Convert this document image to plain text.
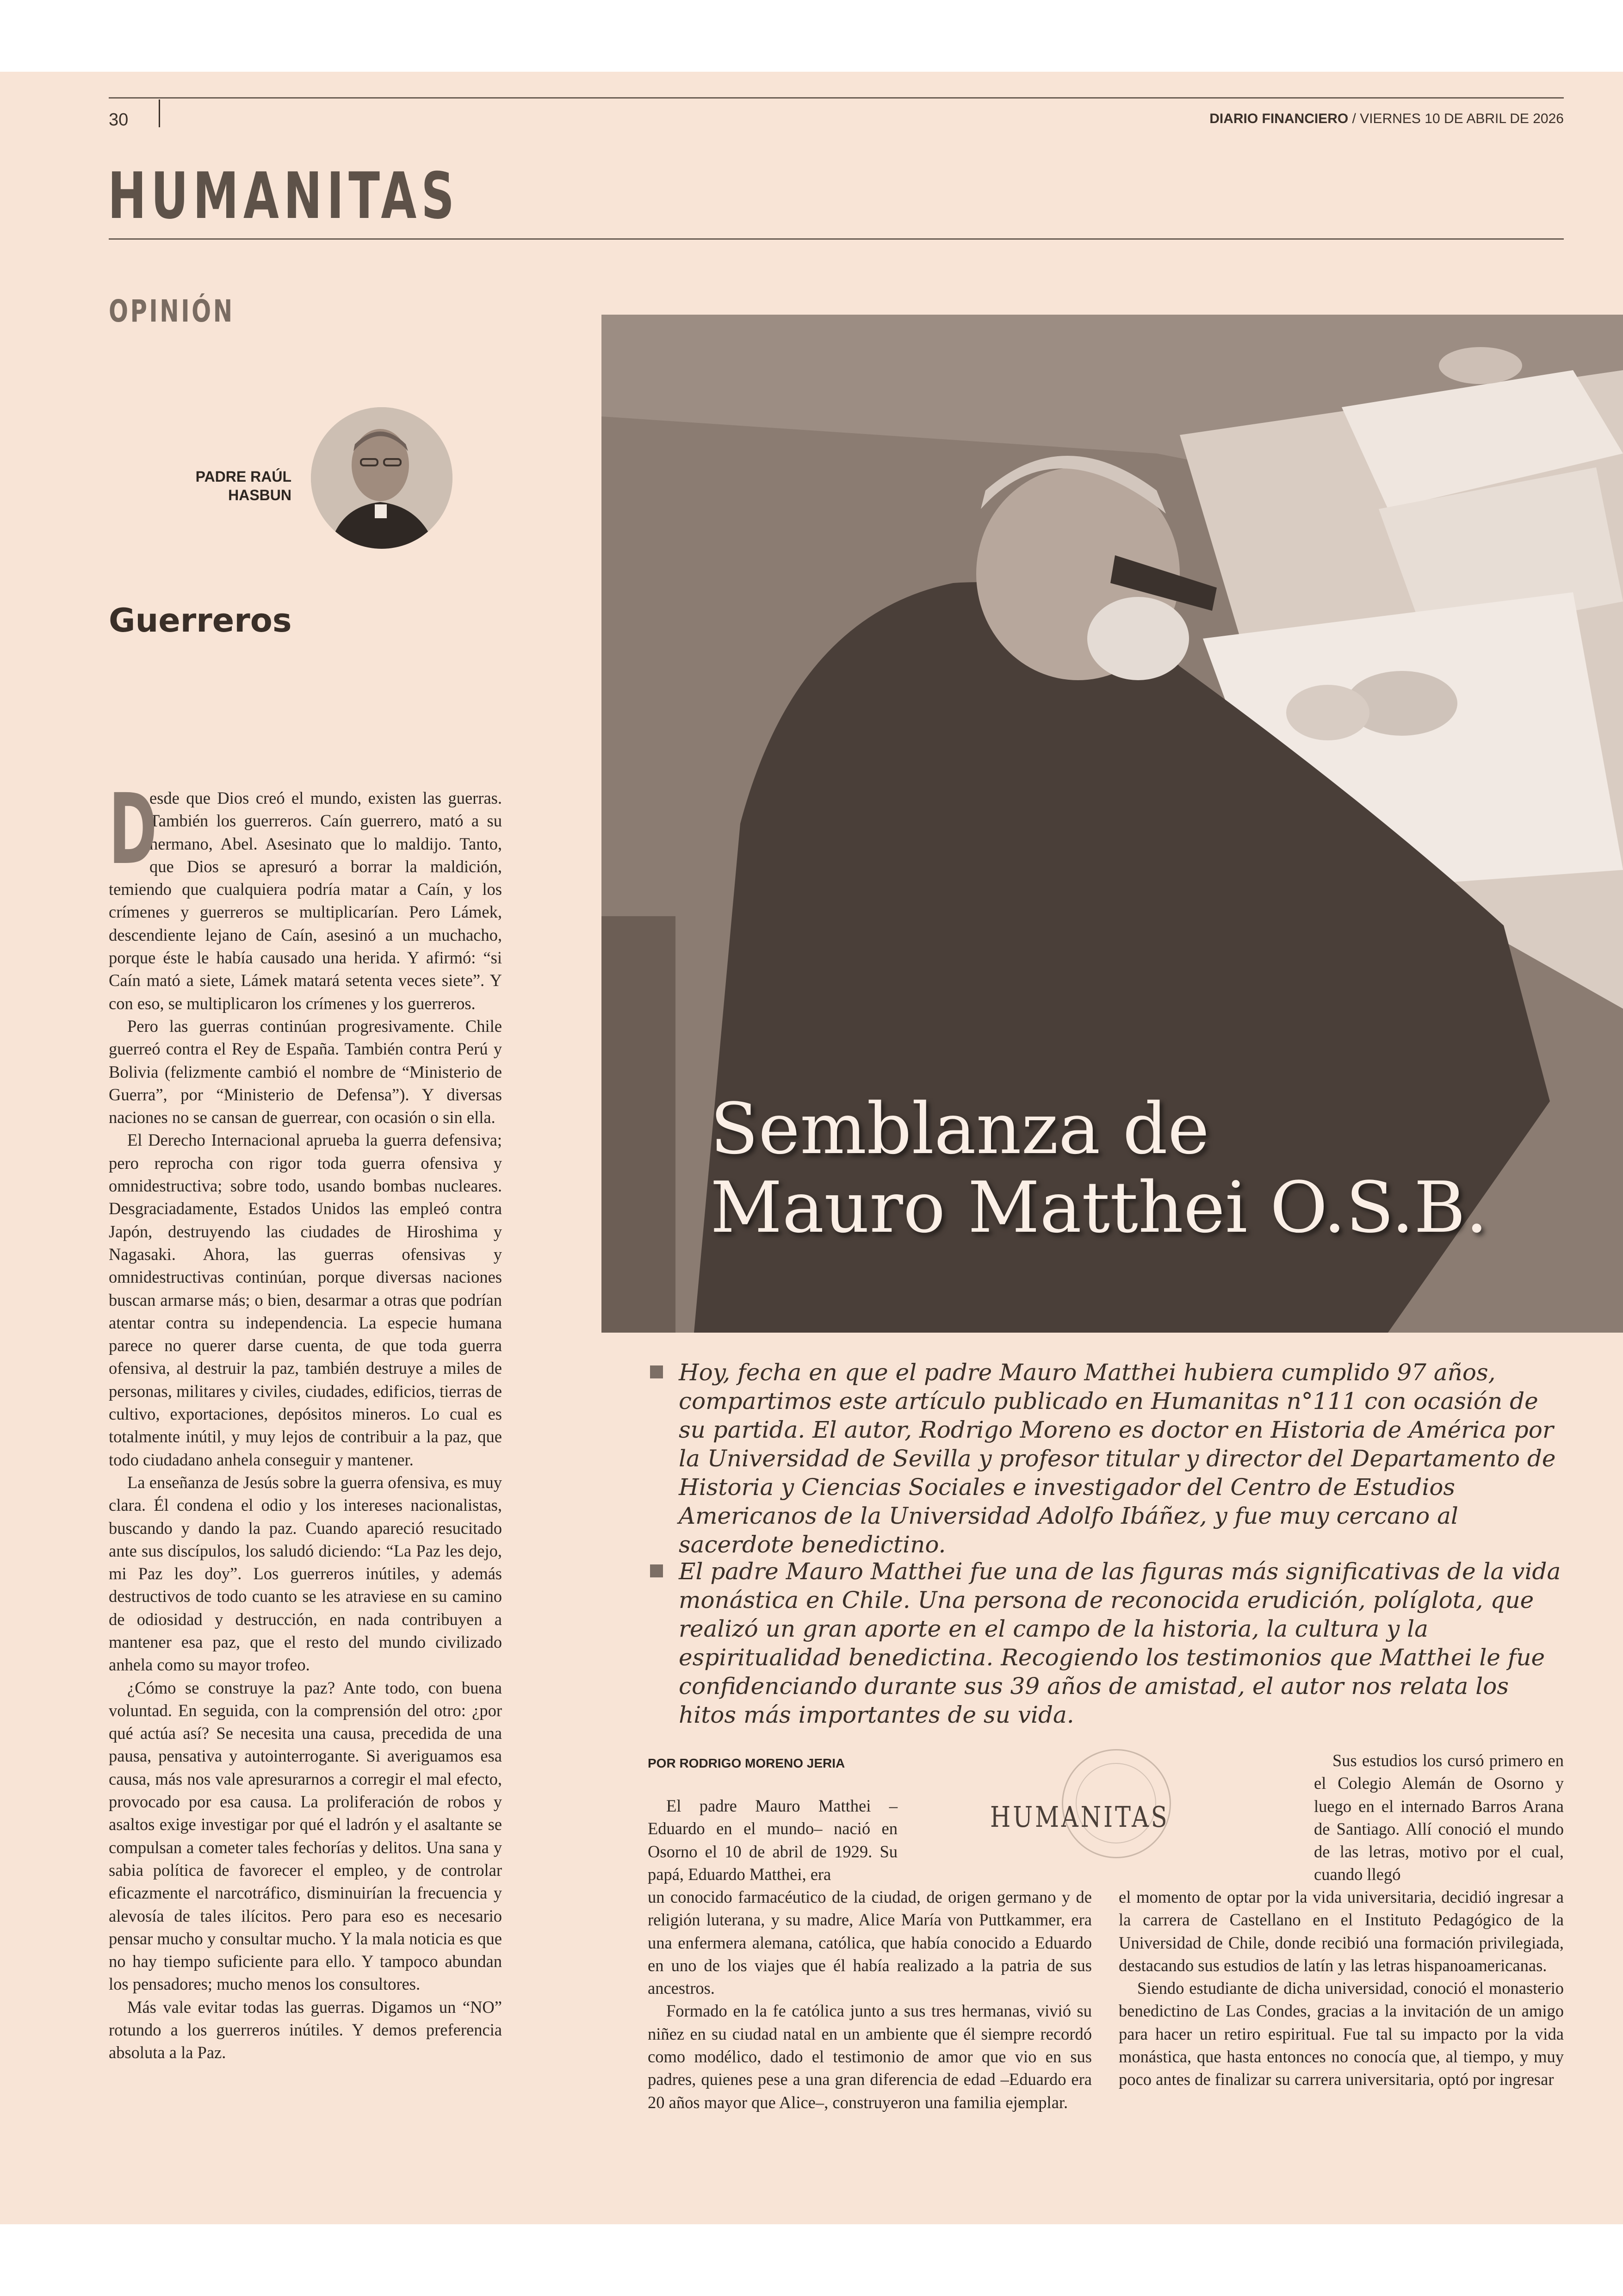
30	DIARIO FINANCIERO / VIERNES 10 DE ABRIL DE 2026
HUMANITAS
OPINIÓN
PADRE RAÚL
HASBUN
Guerreros

D
esde que Dios creó el mundo, existen las guerras. También los guerreros. Caín guerrero, mató a su hermano, Abel. Asesinato que lo maldijo. Tanto, que Dios se apresuró a borrar la maldición, temiendo que cualquiera podría matar a Caín, y los crímenes y guerreros se multiplicarían. Pero Lámek, descendiente lejano de Caín, asesinó a un muchacho, porque éste le había causado una herida. Y afirmó: “si Caín mató a siete, Lámek matará setenta veces siete”. Y con eso, se multiplicaron los crímenes y los guerreros.

Pero las guerras continúan progresivamente. Chile guerreó contra el Rey de España. También contra Perú y Bolivia (felizmente cambió el nombre de “Ministerio de Guerra”, por “Ministerio de Defensa”). Y diversas naciones no se cansan de guerrear, con ocasión o sin ella.

El Derecho Internacional aprueba la guerra defensiva; pero reprocha con rigor toda guerra ofensiva y omnidestructiva; sobre todo, usando bombas nucleares. Desgraciadamente, Estados Unidos las empleó contra Japón, destruyendo las ciudades de Hiroshima y Nagasaki. Ahora, las guerras ofensivas y omnidestructivas continúan, porque diversas naciones buscan armarse más; o bien, desarmar a otras que podrían atentar contra su independencia. La especie humana parece no querer darse cuenta, de que toda guerra ofensiva, al destruir la paz, también destruye a miles de personas, militares y civiles, ciudades, edificios, tierras de cultivo, exportaciones, depósitos mineros. Lo cual es totalmente inútil, y muy lejos de contribuir a la paz, que todo ciudadano anhela conseguir y mantener.

La enseñanza de Jesús sobre la guerra ofensiva, es muy clara. Él condena el odio y los intereses nacionalistas, buscando y dando la paz. Cuando apareció resucitado ante sus discípulos, los saludó diciendo: “La Paz les dejo, mi Paz les doy”. Los guerreros inútiles, y además destructivos de todo cuanto se les atraviese en su camino de odiosidad y destrucción, en nada contribuyen a mantener esa paz, que el resto del mundo civilizado anhela como su mayor trofeo.

¿Cómo se construye la paz? Ante todo, con buena voluntad. En seguida, con la comprensión del otro: ¿por qué actúa así? Se necesita una causa, precedida de una pausa, pensativa y autointerrogante. Si averiguamos esa causa, más nos vale apresurarnos a corregir el mal efecto, provocado por esa causa. La proliferación de robos y asaltos exige investigar por qué el ladrón y el asaltante se compulsan a cometer tales fechorías y delitos. Una sana y sabia política de favorecer el empleo, y de controlar eficazmente el narcotráfico, disminuirían la frecuencia y alevosía de tales ilícitos. Pero para eso es necesario pensar mucho y consultar mucho. Y la mala noticia es que no hay tiempo suficiente para ello. Y tampoco abundan los pensadores; mucho menos los consultores.

Más vale evitar todas las guerras. Digamos un “NO” rotundo a los guerreros inútiles. Y demos preferencia absoluta a la Paz.

Semblanza de
Mauro Matthei O.S.B.
Hoy, fecha en que el padre Mauro Matthei hubiera cumplido 97 años, compartimos este artículo publicado en Humanitas n°111 con ocasión de su partida. El autor, Rodrigo Moreno es doctor en Historia de América por la Universidad de Sevilla y profesor titular y director del Departamento de Historia y Ciencias Sociales e investigador del Centro de Estudios Americanos de la Universidad Adolfo Ibáñez, y fue muy cercano al sacerdote benedictino.
El padre Mauro Matthei fue una de las figuras más significativas de la vida monástica en Chile. Una persona de reconocida erudición, políglota, que realizó un gran aporte en el campo de la historia, la cultura y la espiritualidad benedictina. Recogiendo los testimonios que Matthei le fue confidenciando durante sus 39 años de amistad, el autor nos relata los hitos más importantes de su vida.
POR RODRIGO MORENO JERIA
HUMANITAS

El padre Mauro Matthei –Eduardo en el mundo– nació en Osorno el 10 de abril de 1929. Su papá, Eduardo Matthei, era

un conocido farmacéutico de la ciudad, de origen germano y de religión luterana, y su madre, Alice María von Puttkammer, era una enfermera alemana, católica, que había conocido a Eduardo en uno de los viajes que él había realizado a la patria de sus ancestros.

Formado en la fe católica junto a sus tres hermanas, vivió su niñez en su ciudad natal en un ambiente que él siempre recordó como modélico, dado el testimonio de amor que vio en sus padres, quienes pese a una gran diferencia de edad –Eduardo era 20 años mayor que Alice–, construyeron una familia ejemplar.

Sus estudios los cursó primero en el Colegio Alemán de Osorno y luego en el internado Barros Arana de Santiago. Allí conoció el mundo de las letras, motivo por el cual, cuando llegó

el momento de optar por la vida universitaria, decidió ingresar a la carrera de Castellano en el Instituto Pedagógico de la Universidad de Chile, donde recibió una formación privilegiada, destacando sus estudios de latín y las letras hispanoamericanas.

Siendo estudiante de dicha universidad, conoció el monasterio benedictino de Las Condes, gracias a la invitación de un amigo para hacer un retiro espiritual. Fue tal su impacto por la vida monástica, que hasta entonces no conocía que, al tiempo, y muy poco antes de finalizar su carrera universitaria, optó por ingresar
